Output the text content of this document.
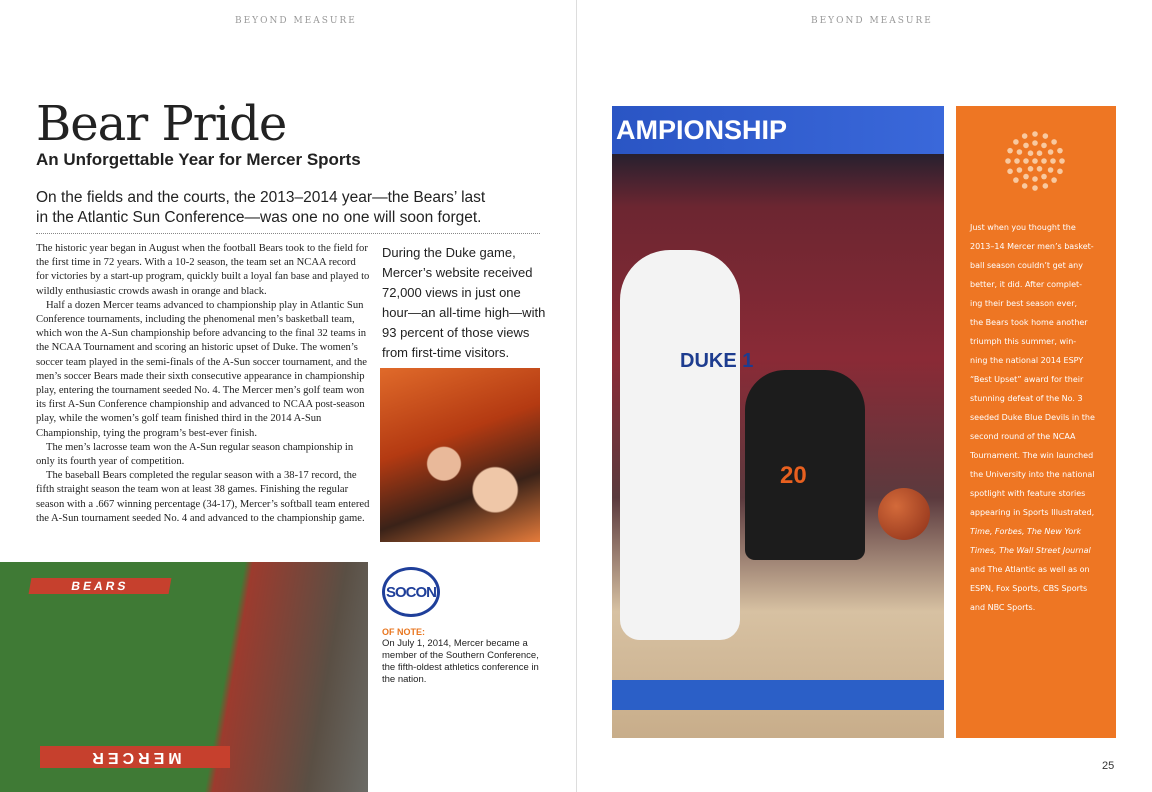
BEYOND MEASURE	BEYOND MEASURE
Bear Pride
An Unforgettable Year for Mercer Sports
On the fields and the courts, the 2013–2014 year—the Bears’ last in the Atlantic Sun Conference—was one no one will soon forget.

The historic year began in August when the football Bears took to the field for the first time in 72 years. With a 10-2 season, the team set an NCAA record for victories by a start-up program, quickly built a loyal fan base and played to wildly enthusiastic crowds awash in orange and black.

Half a dozen Mercer teams advanced to championship play in Atlantic Sun Conference tournaments, including the phenomenal men’s basketball team, which won the A-Sun championship before advancing to the final 32 teams in the NCAA Tournament and scoring an historic upset of Duke. The women’s soccer team played in the semi-finals of the A-Sun soccer tournament, and the men’s soccer Bears made their sixth consecutive appearance in championship play, entering the tournament seeded No. 4. The Mercer men’s golf team won its first A-Sun Conference championship and advanced to NCAA post-season play, while the women’s golf team finished third in the 2014 A-Sun Championship, tying the program’s best-ever finish.

The men’s lacrosse team won the A-Sun regular season championship in only its fourth year of competition.

The baseball Bears completed the regular season with a 38-17 record, the fifth straight season the team won at least 38 games. Finishing the regular season with a .667 winning percentage (34-17), Mercer’s softball team entered the A-Sun tournament seeded No. 4 and advanced to the championship game.

During the Duke game, Mercer’s website received 72,000 views in just one hour—an all-time high—with 93 percent of those views from first-time visitors.
BEARS
MERCER
SOCON
OF NOTE:
On July 1, 2014, Mercer became a member of the Southern Conference, the fifth-oldest athletics conference in the nation.
AMPIONSHIP
DUKE 1
20
Just when you thought the
2013–14 Mercer men’s basket-
ball season couldn’t get any
better, it did. After complet-
ing their best season ever,
the Bears took home another
triumph this summer, win-
ning the national 2014 ESPY
“Best Upset” award for their
stunning defeat of the No. 3
seeded Duke Blue Devils in the
second round of the NCAA
Tournament. The win launched
the University into the national
spotlight with feature stories
appearing in Sports Illustrated,
Time, Forbes, The New York
Times, The Wall Street Journal
and The Atlantic as well as on
ESPN, Fox Sports, CBS Sports
and NBC Sports.
25
